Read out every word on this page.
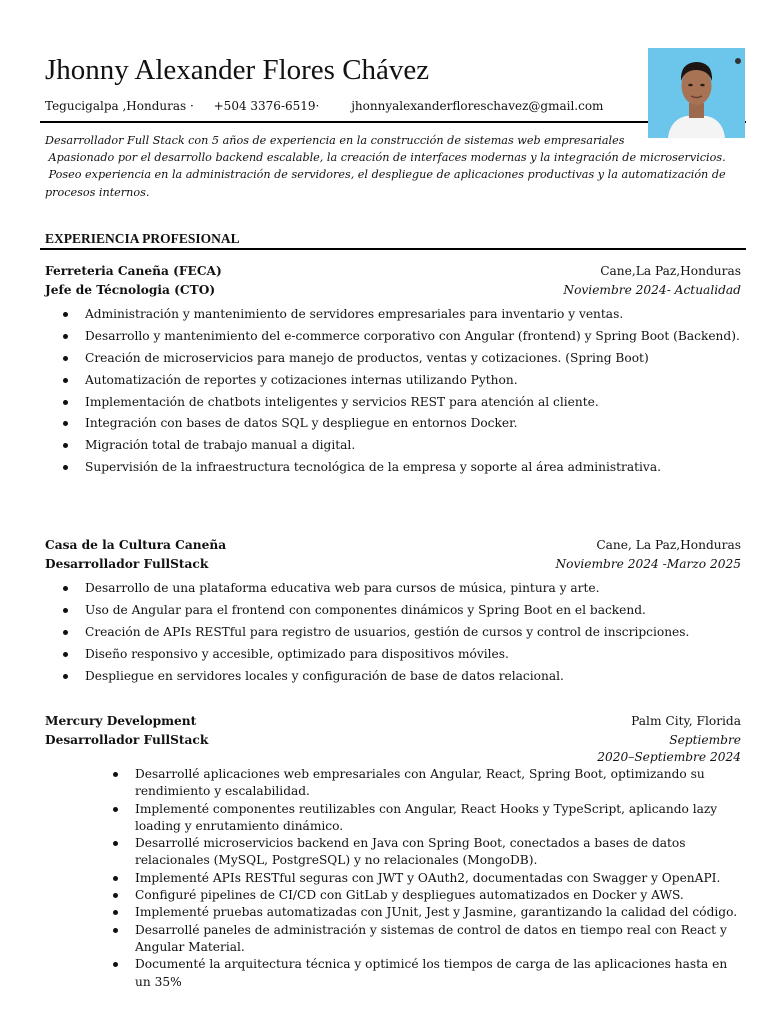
Jhonny Alexander Flores Chávez
Tegucigalpa ,Honduras · +504 3376-6519·	jhonnyalexanderfloreschavez@gmail.com
Desarrollador Full Stack con 5 años de experiencia en la construcción de sistemas web empresariales
Apasionado por el desarrollo backend escalable, la creación de interfaces modernas y la integración de microservicios.
Poseo experiencia en la administración de servidores, el despliegue de aplicaciones productivas y la automatización de procesos internos.
EXPERIENCIA PROFESIONAL
Ferreteria Caneña (FECA)	Cane,La Paz,Honduras
Jefe de Técnologia (CTO)	Noviembre 2024- Actualidad
Administración y mantenimiento de servidores empresariales para inventario y ventas.
Desarrollo y mantenimiento del e-commerce corporativo con Angular (frontend) y Spring Boot (Backend).
Creación de microservicios para manejo de productos, ventas y cotizaciones. (Spring Boot)
Automatización de reportes y cotizaciones internas utilizando Python.
Implementación de chatbots inteligentes y servicios REST para atención al cliente.
Integración con bases de datos SQL y despliegue en entornos Docker.
Migración total de trabajo manual a digital.
Supervisión de la infraestructura tecnológica de la empresa y soporte al área administrativa.
Casa de la Cultura Caneña	Cane, La Paz,Honduras
Desarrollador FullStack	Noviembre 2024 -Marzo 2025
Desarrollo de una plataforma educativa web para cursos de música, pintura y arte.
Uso de Angular para el frontend con componentes dinámicos y Spring Boot en el backend.
Creación de APIs RESTful para registro de usuarios, gestión de cursos y control de inscripciones.
Diseño responsivo y accesible, optimizado para dispositivos móviles.
Despliegue en servidores locales y configuración de base de datos relacional.
Mercury Development	Palm City, Florida
Desarrollador FullStack	Septiembre
2020–Septiembre 2024
Desarrollé aplicaciones web empresariales con Angular, React, Spring Boot, optimizando su rendimiento y escalabilidad.
Implementé componentes reutilizables con Angular, React Hooks y TypeScript, aplicando lazy loading y enrutamiento dinámico.
Desarrollé microservicios backend en Java con Spring Boot, conectados a bases de datos relacionales (MySQL, PostgreSQL) y no relacionales (MongoDB).
Implementé APIs RESTful seguras con JWT y OAuth2, documentadas con Swagger y OpenAPI.
Configuré pipelines de CI/CD con GitLab y despliegues automatizados en Docker y AWS.
Implementé pruebas automatizadas con JUnit, Jest y Jasmine, garantizando la calidad del código.
Desarrollé paneles de administración y sistemas de control de datos en tiempo real con React y Angular Material.
Documenté la arquitectura técnica y optimicé los tiempos de carga de las aplicaciones hasta en un 35%
